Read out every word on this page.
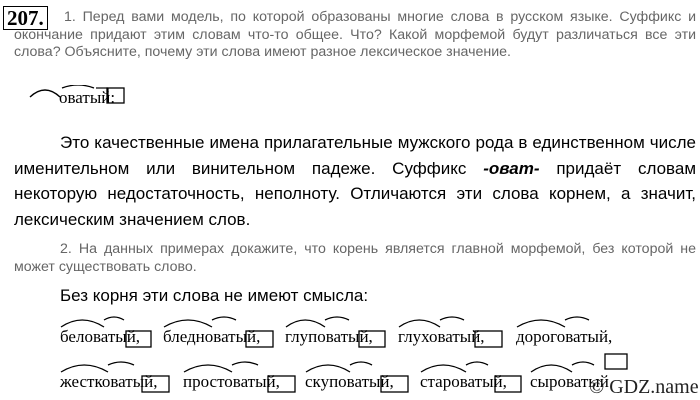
207.	1. Перед вами модель, по которой образованы многие слова в русском языке. Суффикс и окончание придают этим словам что-то общее. Что? Какой морфемой будут различаться все эти слова? Объясните, почему эти слова имеют разное лексическое значение.
оватый:
Это качественные имена прилагательные мужского рода в единственном числе именительном или винительном падеже. Суффикс -оват- придаёт словам некоторую недостаточность, неполноту. Отличаются эти слова корнем, а значит, лексическим значением слов.
2. На данных примерах докажите, что корень является главной морфемой, без которой не может существовать слово.
Без корня эти слова не имеют смысла:
беловатый, бледноватый, глуповатый, глуховатый, дороговатый,
жестковатый, простоватый, скуповатый, староватый, сыроватый
© GDZ.name
